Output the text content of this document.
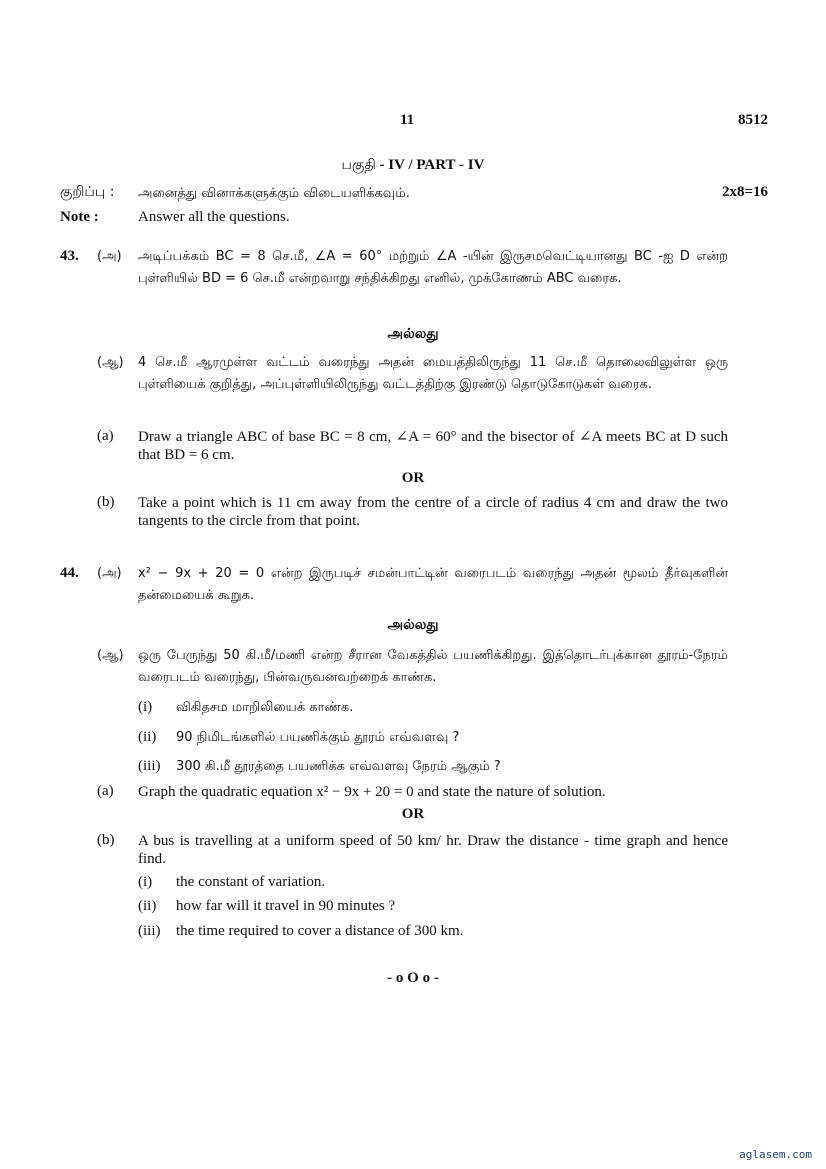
11	8512
பகுதி - IV / PART - IV
குறிப்பு : அனைத்து வினாக்களுக்கும் விடையளிக்கவும்.	2x8=16
Note :	Answer all the questions.
43. (அ) அடிப்பக்கம் BC = 8 செ.மீ, ∠A = 60° மற்றும் ∠A -யின் இருசமவெட்டியானது BC -ஐ D என்ற புள்ளியில் BD = 6 செ.மீ என்றவாறு சந்திக்கிறது எனில், முக்கோணம் ABC வரைக.
அல்லது
(ஆ) 4 செ.மீ ஆரமுள்ள வட்டம் வரைந்து அதன் மையத்திலிருந்து 11 செ.மீ தொலைவிலுள்ள ஒரு புள்ளியைக் குறித்து, அப்புள்ளியிலிருந்து வட்டத்திற்கு இரண்டு தொடுகோடுகள் வரைக.
(a) Draw a triangle ABC of base BC = 8 cm, ∠A = 60° and the bisector of ∠A meets BC at D such that BD = 6 cm.
OR
(b) Take a point which is 11 cm away from the centre of a circle of radius 4 cm and draw the two tangents to the circle from that point.
44. (அ) x² − 9x + 20 = 0 என்ற இருபடிச் சமன்பாட்டின் வரைபடம் வரைந்து அதன் மூலம் தீர்வுகளின் தன்மையைக் கூறுக.
அல்லது
(ஆ) ஒரு பேருந்து 50 கி.மீ/மணி என்ற சீரான வேகத்தில் பயணிக்கிறது. இத்தொடர்புக்கான தூரம்-நேரம் வரைபடம் வரைந்து, பின்வருவனவற்றைக் காண்க.
(i) விகிதசம மாறிலியைக் காண்க.
(ii) 90 நிமிடங்களில் பயணிக்கும் தூரம் எவ்வளவு ?
(iii) 300 கி.மீ தூரத்தை பயணிக்க எவ்வளவு நேரம் ஆகும் ?
(a) Graph the quadratic equation x² − 9x + 20 = 0 and state the nature of solution.
OR
(b) A bus is travelling at a uniform speed of 50 km/ hr. Draw the distance - time graph and hence find.
(i) the constant of variation.
(ii) how far will it travel in 90 minutes ?
(iii) the time required to cover a distance of 300 km.
- o O o -
aglasem.com
